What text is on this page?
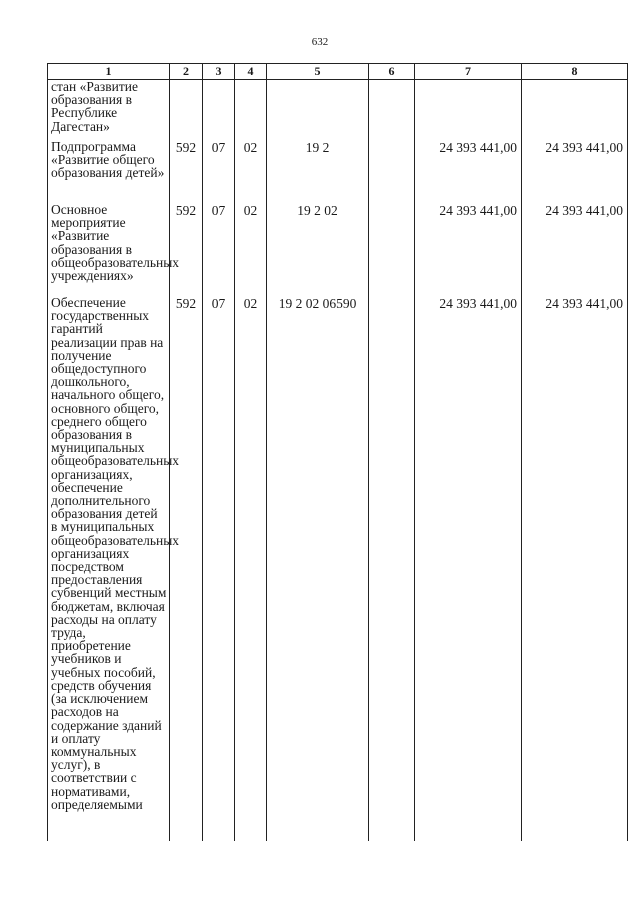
632
1	2	3	4	5	6	7	8
стан «Развитие образования в Республике Дагестан»							
Подпрограмма «Развитие общего образования детей»	592	07	02	19 2		24 393 441,00	24 393 441,00
Основное мероприятие «Развитие образования в общеобразовательных учреждениях»	592	07	02	19 2 02		24 393 441,00	24 393 441,00
Обеспечение государственных гарантий реализации прав на получение общедоступного дошкольного, начального общего, основного общего, среднего общего образования в муниципальных общеобразовательных организациях, обеспечение дополнительного образования детей в муниципальных общеобразовательных организациях посредством предоставления субвенций местным бюджетам, включая расходы на оплату труда, приобретение учебников и учебных пособий, средств обучения (за исключением расходов на содержание зданий и оплату коммунальных услуг), в соответствии с нормативами, определяемыми	592	07	02	19 2 02 06590		24 393 441,00	24 393 441,00
